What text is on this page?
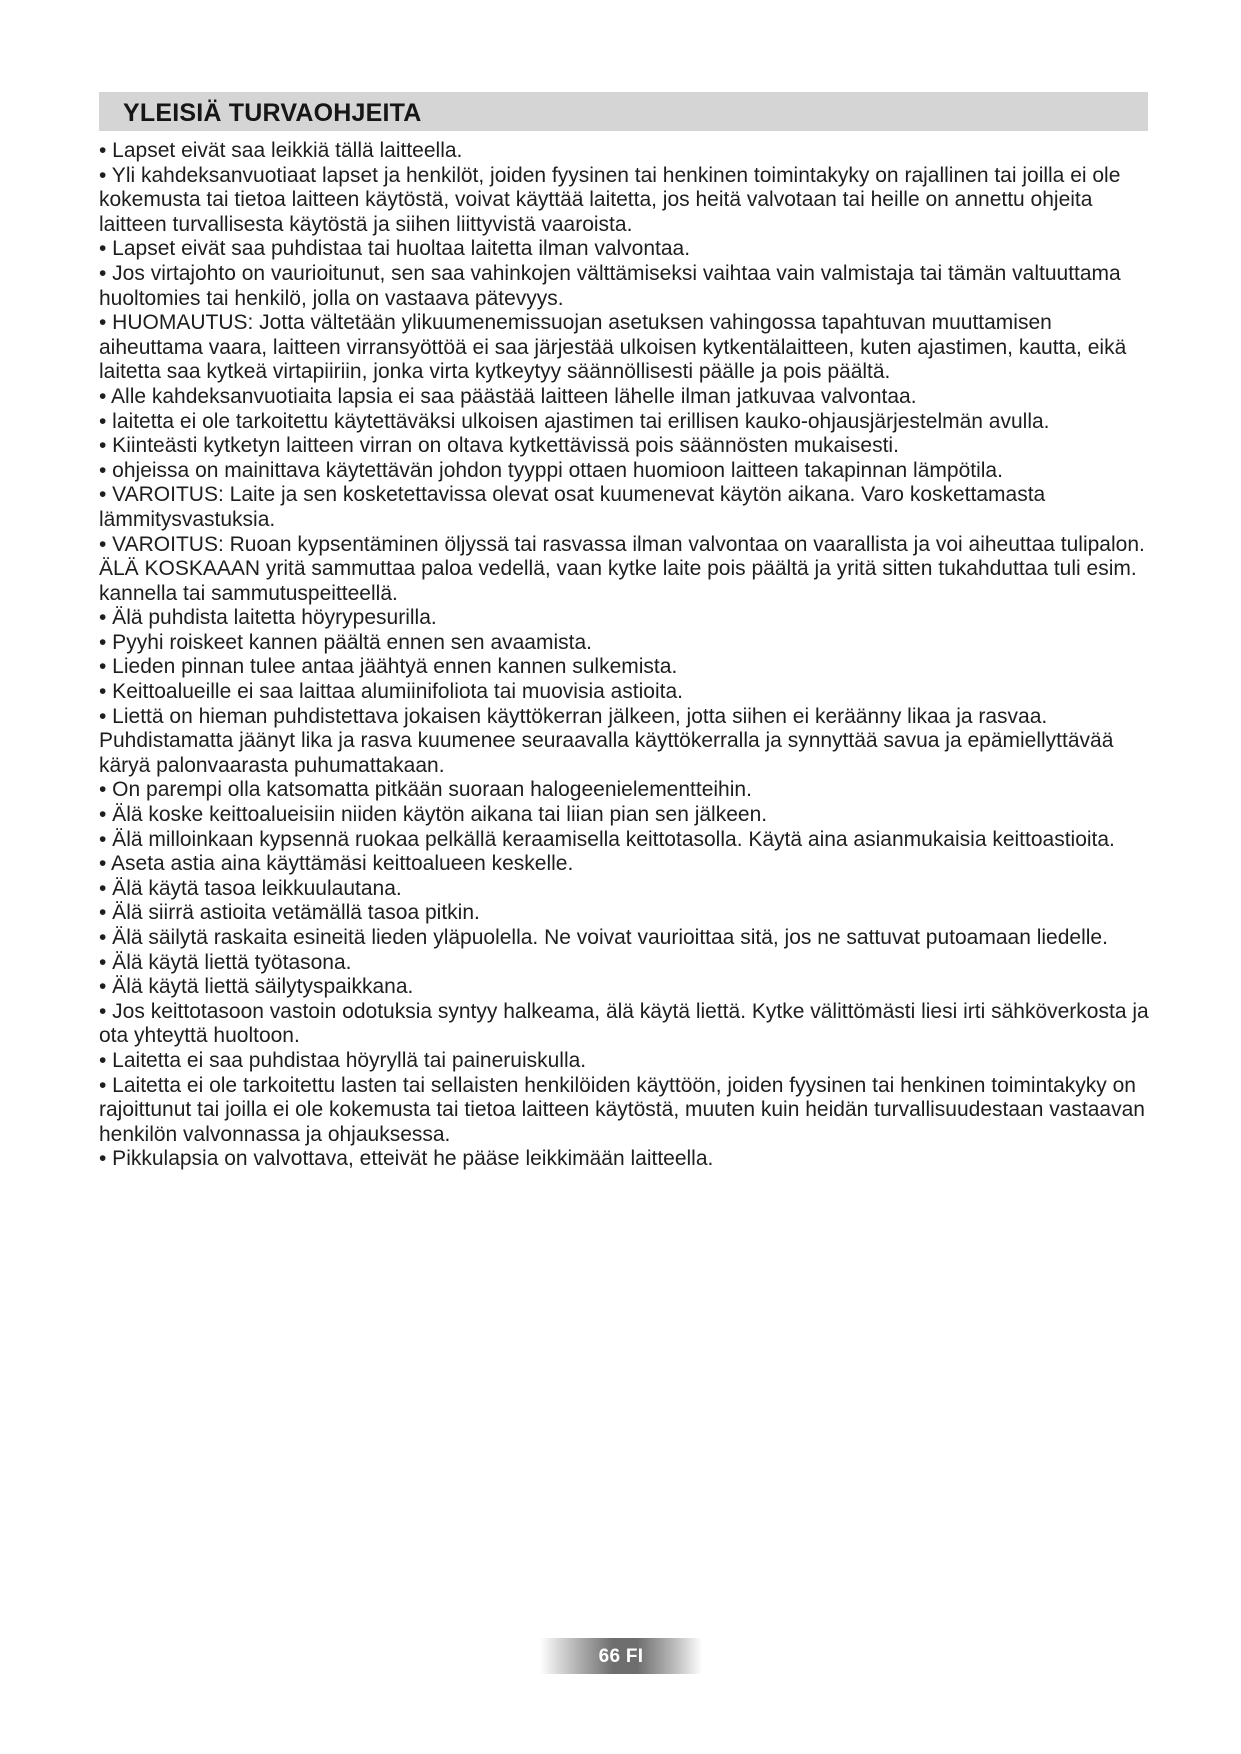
YLEISIÄ TURVAOHJEITA

• Lapset eivät saa leikkiä tällä laitteella.

• Yli kahdeksanvuotiaat lapset ja henkilöt, joiden fyysinen tai henkinen toimintakyky on rajallinen tai joilla ei ole kokemusta tai tietoa laitteen käytöstä, voivat käyttää laitetta, jos heitä valvotaan tai heille on annettu ohjeita laitteen turvallisesta käytöstä ja siihen liittyvistä vaaroista.

• Lapset eivät saa puhdistaa tai huoltaa laitetta ilman valvontaa.

• Jos virtajohto on vaurioitunut, sen saa vahinkojen välttämiseksi vaihtaa vain valmistaja tai tämän valtuuttama huoltomies tai henkilö, jolla on vastaava pätevyys.

• HUOMAUTUS: Jotta vältetään ylikuumenemissuojan asetuksen vahingossa tapahtuvan muuttamisen aiheuttama vaara, laitteen virransyöttöä ei saa järjestää ulkoisen kytkentälaitteen, kuten ajastimen, kautta, eikä laitetta saa kytkeä virtapiiriin, jonka virta kytkeytyy säännöllisesti päälle ja pois päältä.

• Alle kahdeksanvuotiaita lapsia ei saa päästää laitteen lähelle ilman jatkuvaa valvontaa.

• laitetta ei ole tarkoitettu käytettäväksi ulkoisen ajastimen tai erillisen kauko-ohjausjärjestelmän avulla.

• Kiinteästi kytketyn laitteen virran on oltava kytkettävissä pois säännösten mukaisesti.

• ohjeissa on mainittava käytettävän johdon tyyppi ottaen huomioon laitteen takapinnan lämpötila.

• VAROITUS: Laite ja sen kosketettavissa olevat osat kuumenevat käytön aikana. Varo koskettamasta lämmitysvastuksia.

• VAROITUS: Ruoan kypsentäminen öljyssä tai rasvassa ilman valvontaa on vaarallista ja voi aiheuttaa tulipalon.

ÄLÄ KOSKAAAN yritä sammuttaa paloa vedellä, vaan kytke laite pois päältä ja yritä sitten tukahduttaa tuli esim. kannella tai sammutuspeitteellä.

• Älä puhdista laitetta höyrypesurilla.

• Pyyhi roiskeet kannen päältä ennen sen avaamista.

• Lieden pinnan tulee antaa jäähtyä ennen kannen sulkemista.

• Keittoalueille ei saa laittaa alumiinifoliota tai muovisia astioita.

• Liettä on hieman puhdistettava jokaisen käyttökerran jälkeen, jotta siihen ei keräänny likaa ja rasvaa. Puhdistamatta jäänyt lika ja rasva kuumenee seuraavalla käyttökerralla ja synnyttää savua ja epämiellyttävää käryä palonvaarasta puhumattakaan.

• On parempi olla katsomatta pitkään suoraan halogeenielementteihin.

• Älä koske keittoalueisiin niiden käytön aikana tai liian pian sen jälkeen.

• Älä milloinkaan kypsennä ruokaa pelkällä keraamisella keittotasolla. Käytä aina asianmukaisia keittoastioita.

• Aseta astia aina käyttämäsi keittoalueen keskelle.

• Älä käytä tasoa leikkuulautana.

• Älä siirrä astioita vetämällä tasoa pitkin.

• Älä säilytä raskaita esineitä lieden yläpuolella. Ne voivat vaurioittaa sitä, jos ne sattuvat putoamaan liedelle.

• Älä käytä liettä työtasona.

• Älä käytä liettä säilytyspaikkana.

• Jos keittotasoon vastoin odotuksia syntyy halkeama, älä käytä liettä. Kytke välittömästi liesi irti sähköverkosta ja ota yhteyttä huoltoon.

• Laitetta ei saa puhdistaa höyryllä tai paineruiskulla.

• Laitetta ei ole tarkoitettu lasten tai sellaisten henkilöiden käyttöön, joiden fyysinen tai henkinen toimintakyky on rajoittunut tai joilla ei ole kokemusta tai tietoa laitteen käytöstä, muuten kuin heidän turvallisuudestaan vastaavan henkilön valvonnassa ja ohjauksessa.

• Pikkulapsia on valvottava, etteivät he pääse leikkimään laitteella.

66 FI
